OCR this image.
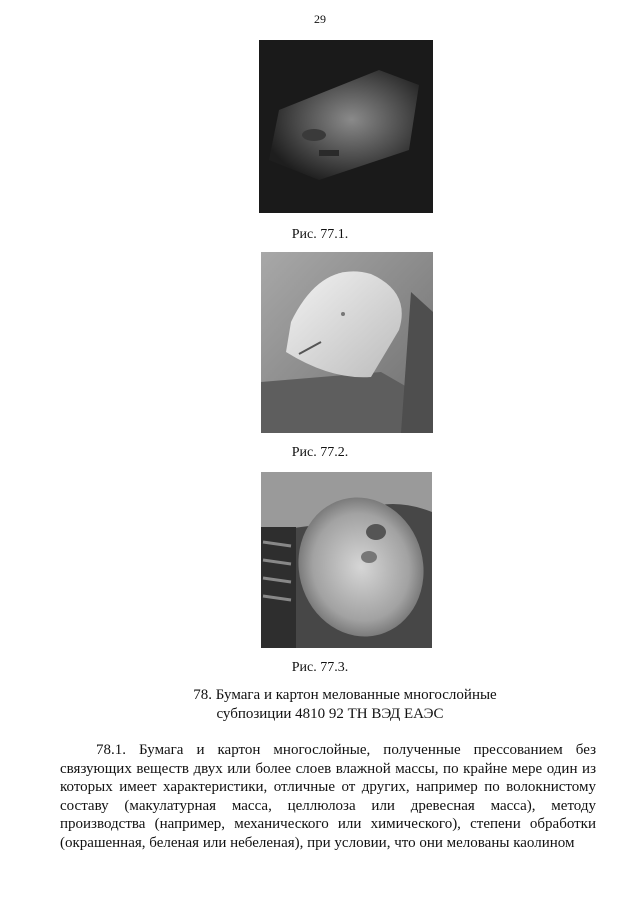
29
Рис. 77.1.
Рис. 77.2.
Рис. 77.3.
78. Бумага и картон мелованные многослойные
субпозиции 4810 92 ТН ВЭД ЕАЭС
78.1. Бумага и картон многослойные, полученные прессованием без связующих веществ двух или более слоев влажной массы, по крайне мере один из которых имеет характеристики, отличные от других, например по волокнистому составу (макулатурная масса, целлюлоза или древесная масса), методу производства (например, механического или химического), степени обработки (окрашенная, беленая или небеленая), при условии, что они мелованы каолином
